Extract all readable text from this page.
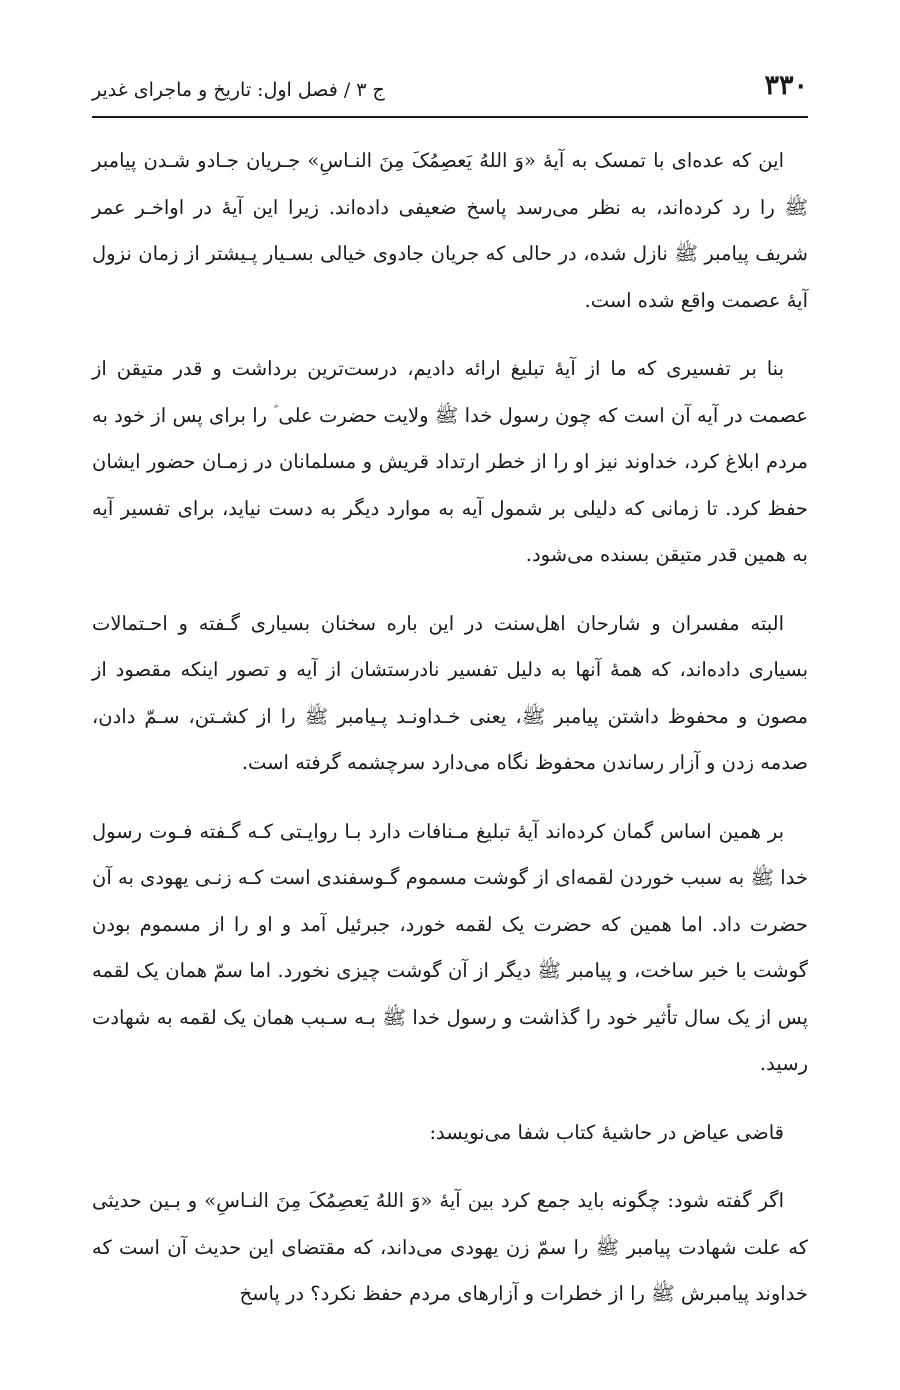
۳۳۰
ج ۳ / فصل اول: تاریخ و ماجرای غدیر

این که عده‌ای با تمسک به آیهٔ «وَ اللهُ یَعصِمُکَ مِنَ النـاسِ» جـریان جـادو شـدن پیامبر ﷺ را رد کرده‌اند، به نظر می‌رسد پاسخ ضعیفی داده‌اند. زیرا این آیهٔ در اواخـر عمر شریف پیامبر ﷺ نازل شده، در حالی که جریان جادوی خیالی بسـیار پـیشتر از زمان نزول آیهٔ عصمت واقع شده است.

بنا بر تفسیری که ما از آیهٔ تبلیغ ارائه دادیم، درست‌ترین برداشت و قدر متیقن از عصمت در آیه آن است که چون رسول خدا ﷺ ولایت حضرت علی ؑ را برای پس از خود به مردم ابلاغ کرد، خداوند نیز او را از خطر ارتداد قریش و مسلمانان در زمـان حضور ایشان حفظ کرد. تا زمانی که دلیلی بر شمول آیه به موارد دیگر به دست نیاید، برای تفسیر آیه به همین قدر متیقن بسنده می‌شود.

البته مفسران و شارحان اهل‌سنت در این باره سخنان بسیاری گـفته و احـتمالات بسیاری داده‌اند، که همهٔ آنها به دلیل تفسیر نادرستشان از آیه و تصور اینکه مقصود از مصون و محفوظ داشتن پیامبر ﷺ، یعنی خـداونـد پـیامبر ﷺ را از کشـتن، سـمّ دادن، صدمه زدن و آزار رساندن محفوظ نگاه می‌دارد سرچشمه گرفته است.

بر همین اساس گمان کرده‌اند آیهٔ تبلیغ مـنافات دارد بـا روایـتی کـه گـفته فـوت رسول خدا ﷺ به سبب خوردن لقمه‌ای از گوشت مسموم گـوسفندی است کـه زنـی یهودی به آن حضرت داد. اما همین که حضرت یک لقمه خورد، جبرئیل آمد و او را از مسموم بودن گوشت با خبر ساخت، و پیامبر ﷺ دیگر از آن گوشت چیزی نخورد. اما سمّ همان یک لقمه پس از یک سال تأثیر خود را گذاشت و رسول خدا ﷺ بـه سـبب همان یک لقمه به شهادت رسید.

قاضی عیاض در حاشیهٔ کتاب شفا می‌نویسد:

اگر گفته شود: چگونه باید جمع کرد بین آیهٔ «وَ اللهُ یَعصِمُکَ مِنَ النـاسِ» و بـین حدیثی که علت شهادت پیامبر ﷺ را سمّ زن یهودی می‌داند، که مقتضای این حدیث آن است که خداوند پیامبرش ﷺ را از خطرات و آزارهای مردم حفظ نکرد؟ در پاسخ
